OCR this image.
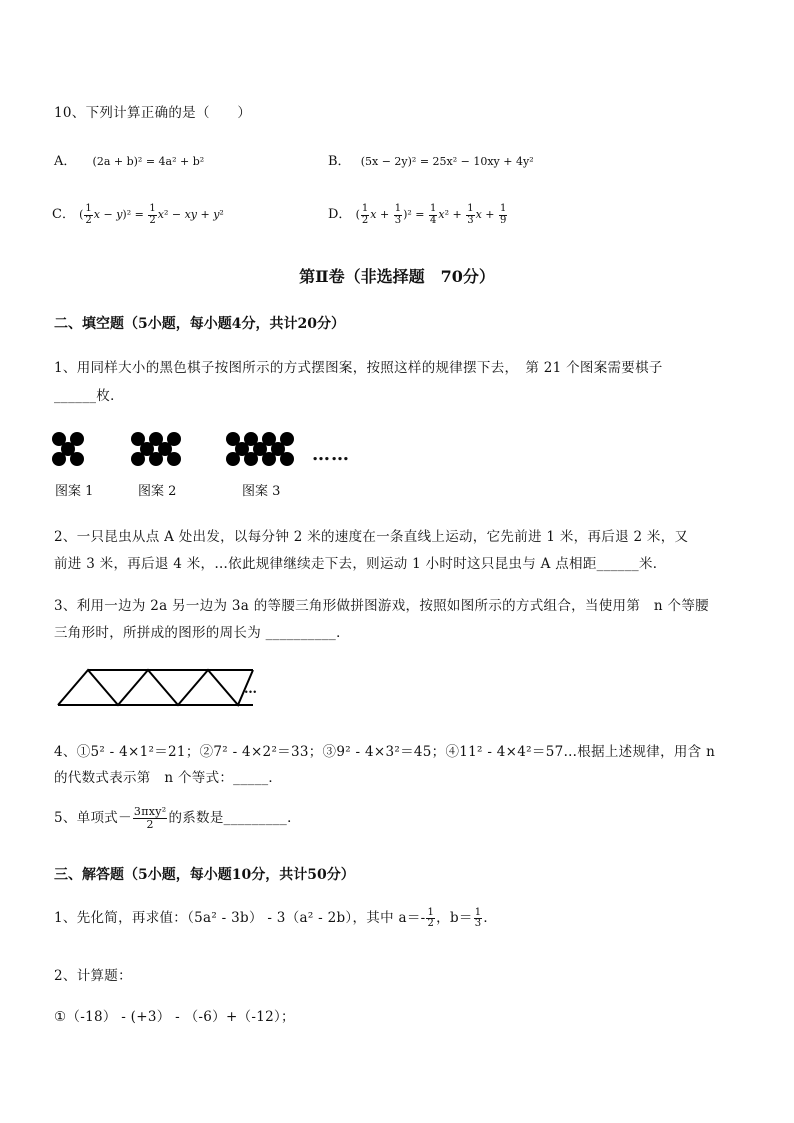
10、下列计算正确的是（　　）
A． (2a + b)² = 4a² + b²	B． (5x − 2y)² = 25x² − 10xy + 4y²
C． ( $\frac{1}{2}$ $x - y)^2 = \frac{1}{2} x^2$ − xy + y²	D． ( $\frac{1}{2}$ $x + \frac{1}{3} )^2 = \frac{1}{4} x^2 + \frac{1}{3}$ $x + \frac{1}{9}$
第Ⅱ卷（非选择题　70分）
二、填空题（5小题，每小题4分，共计20分）
1、用同样大小的黑色棋子按图所示的方式摆图案，按照这样的规律摆下去，　第 21 个图案需要棋子
______枚．
……
图案 1	图案 2	图案 3
2、一只昆虫从点 A 处出发，以每分钟 2 米的速度在一条直线上运动，它先前进 1 米，再后退 2 米，又
前进 3 米，再后退 4 米，…依此规律继续走下去，则运动 1 小时时这只昆虫与 A 点相距______米．
3、利用一边为 2a 另一边为 3a 的等腰三角形做拼图游戏，按照如图所示的方式组合，当使用第　n 个等腰
三角形时，所拼成的图形的周长为 __________．
…
4、①5² - 4×1²＝21；②7² - 4×2²＝33；③9² - 4×3²＝45；④11² - 4×4²＝57…根据上述规律，用含 n
的代数式表示第　n 个等式：_____．
5、单项式－ $\frac{\text{3πxy²}}{2}$ 的系数是_________．
三、解答题（5小题，每小题10分，共计50分）
1、先化简，再求值：（5a² - 3b） - 3（a² - 2b），其中 $a=- \frac{1}{2}$ ，$b= \frac{1}{3}$ ．
2、计算题：
①（-18） - (+3） - （-6）+（-12）；
